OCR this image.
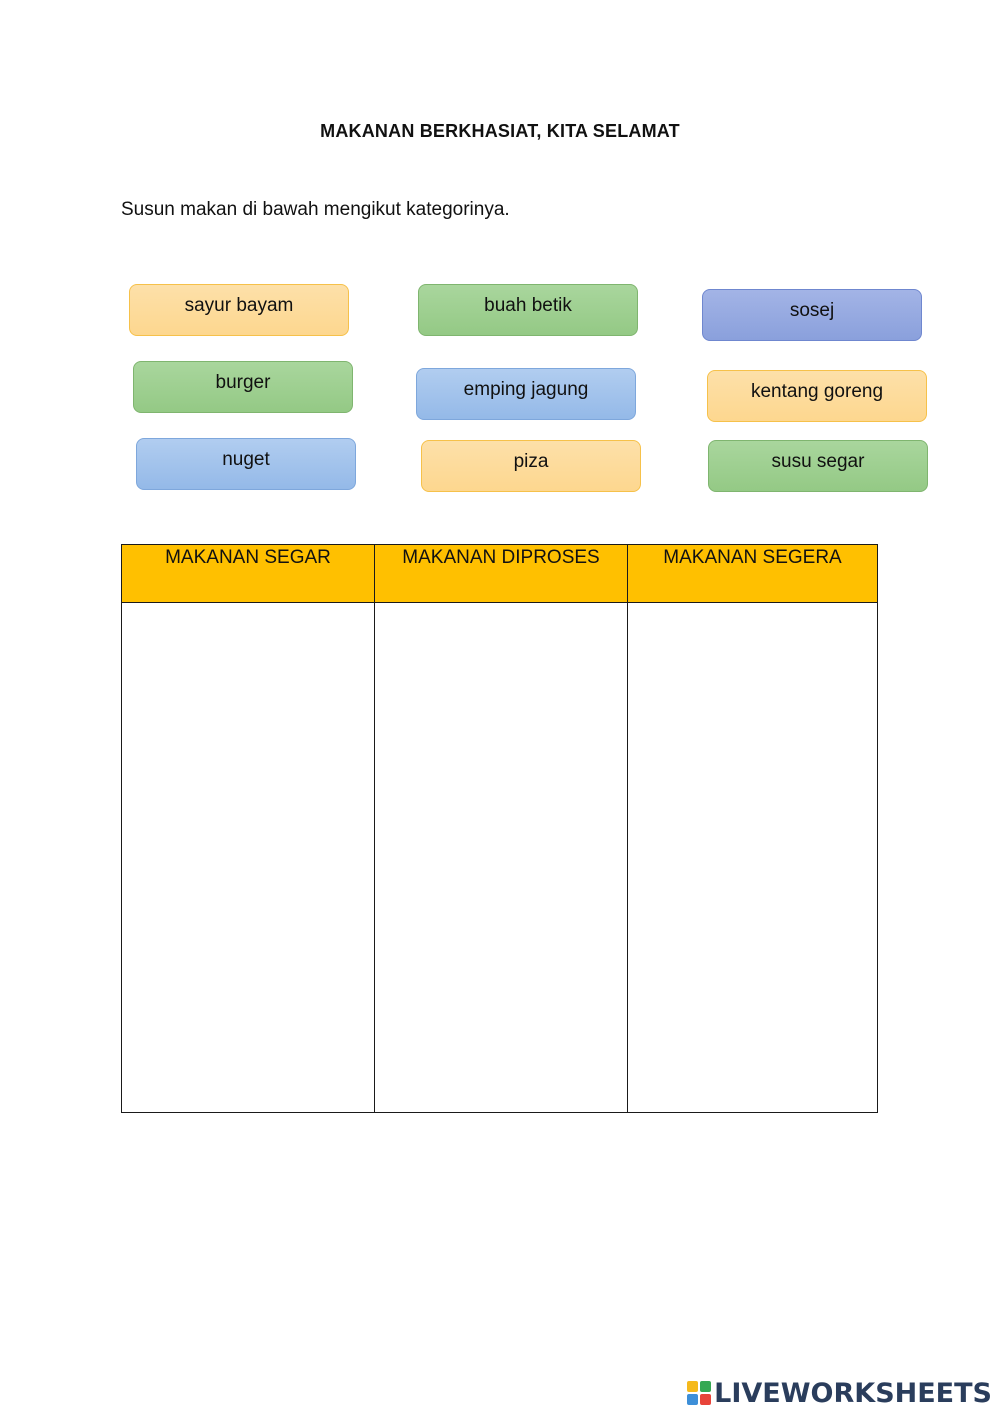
MAKANAN BERKHASIAT, KITA SELAMAT
Susun makan di bawah mengikut kategorinya.
sayur bayam	buah betik	sosej
burger	emping jagung	kentang goreng
nuget	piza	susu segar
MAKANAN SEGAR	MAKANAN DIPROSES	MAKANAN SEGERA
LIVEWORKSHEETS
